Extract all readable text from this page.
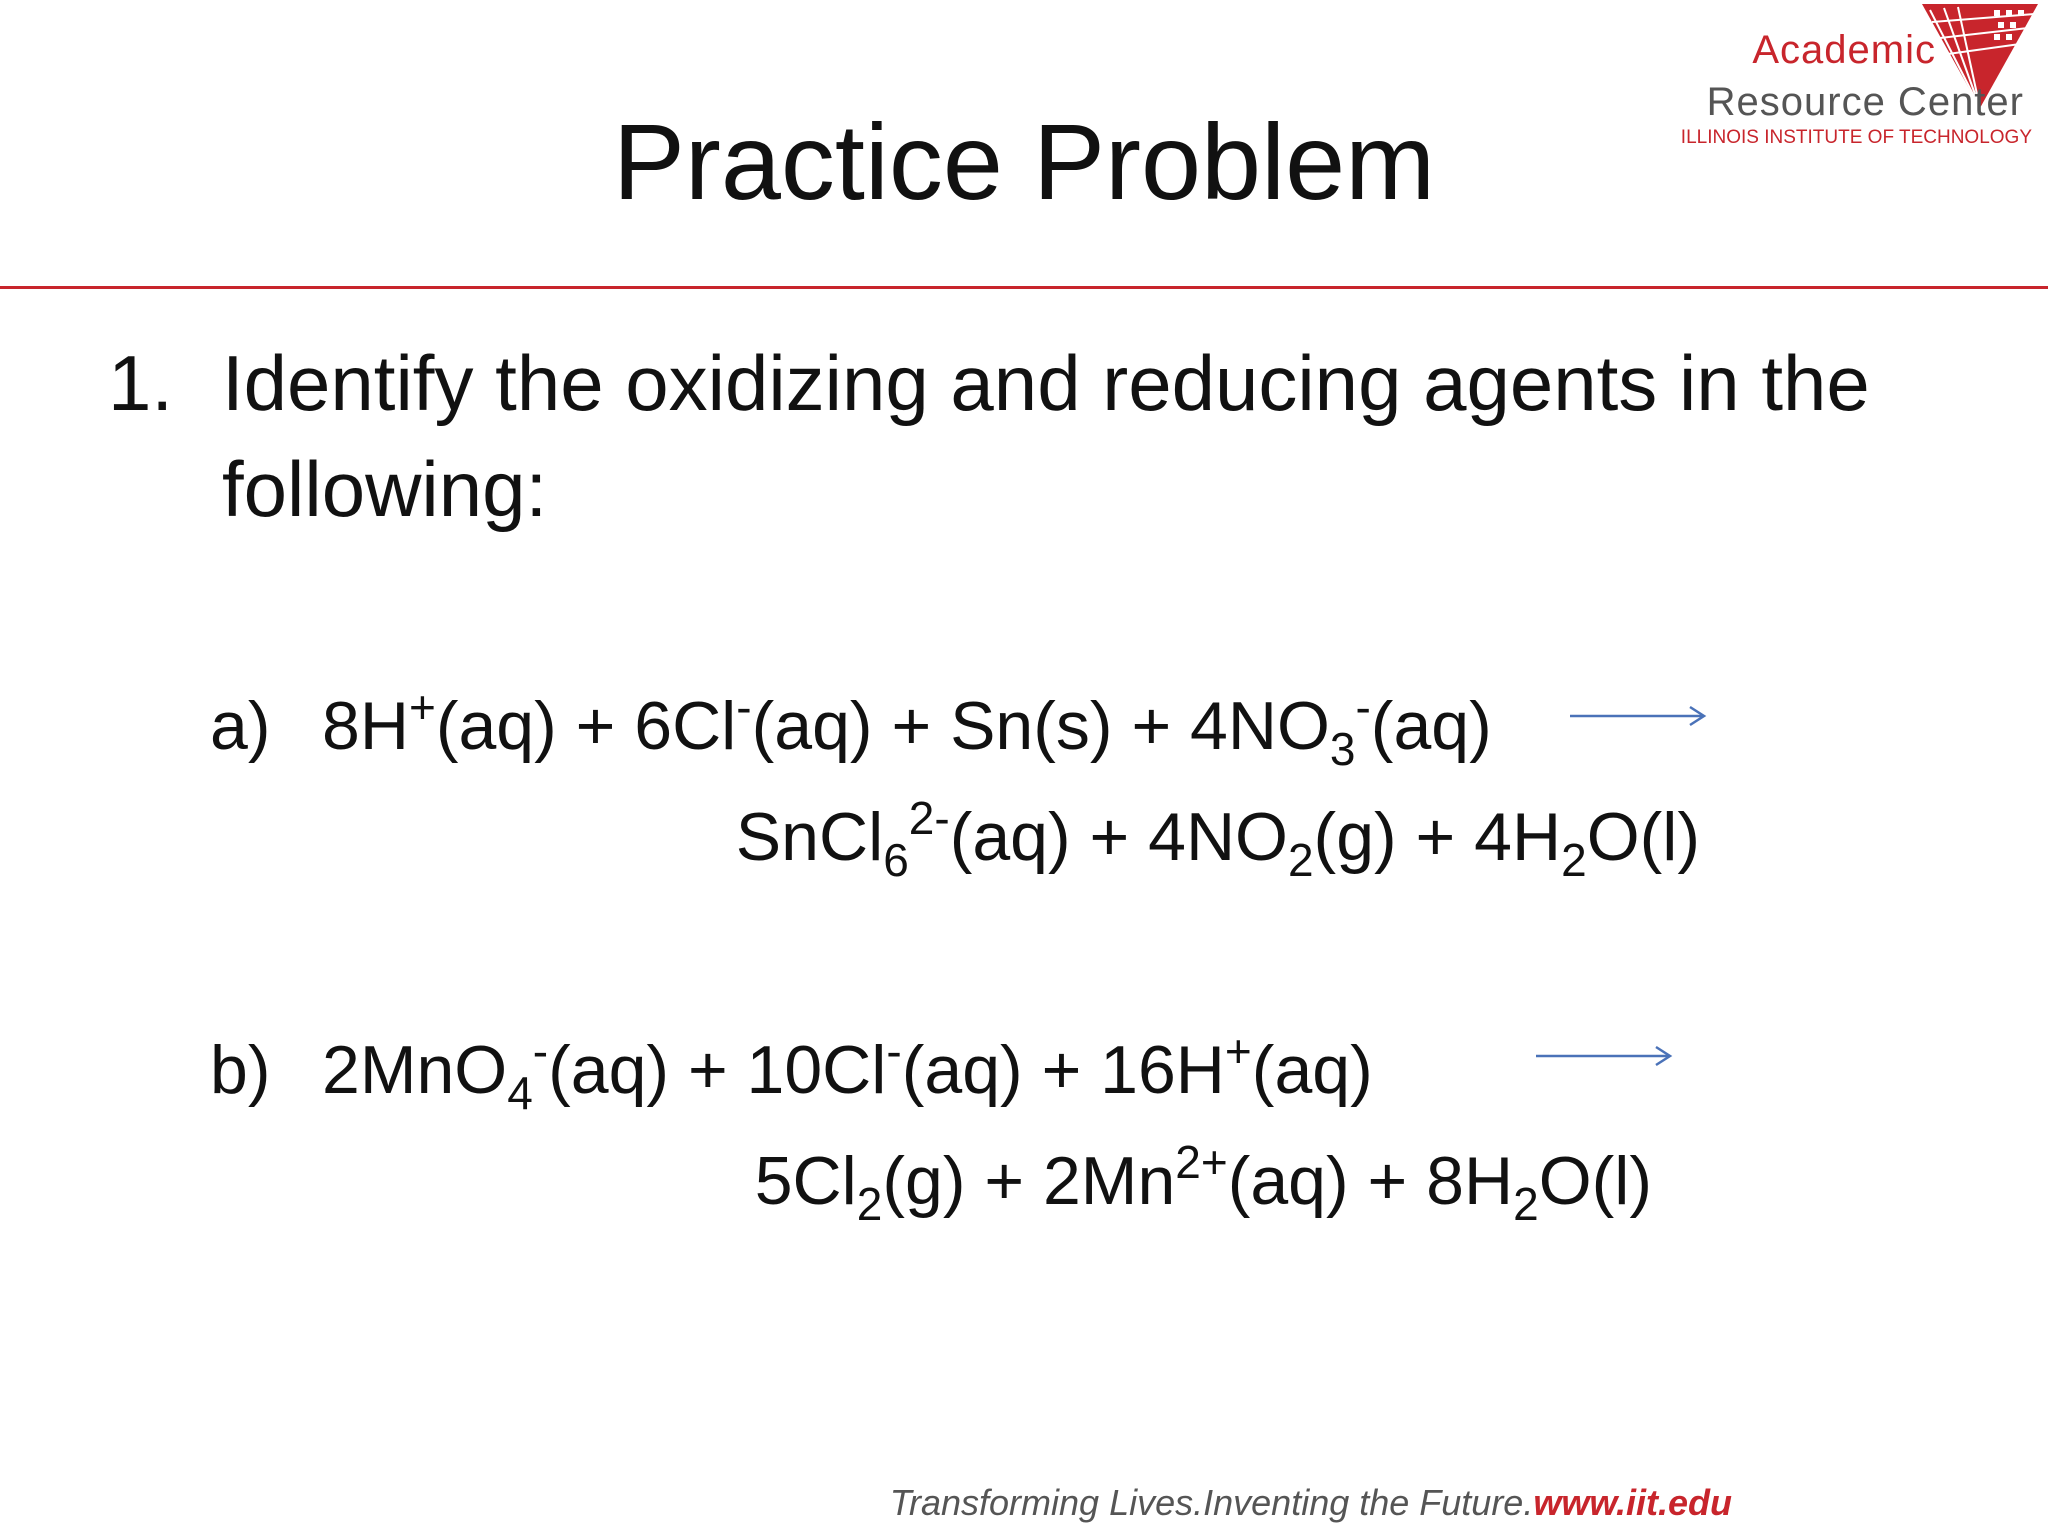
Academic
Resource Center
ILLINOIS INSTITUTE OF TECHNOLOGY
Practice Problem
1. Identify the oxidizing and reducing agents in the following:
a) $8H^+(aq) + 6Cl^-(aq) + Sn(s) + 4NO_3^-(aq)$
SnCl$_6^{2-}$(aq) + $4NO_2(g) + 4H_2O(l)$
b) 2MnO$_4$-(aq) + 10Cl-(aq) + 16H+(aq)
$5Cl_2(g) + 2Mn^{2+}(aq) + 8H_2O(l)$
Transforming Lives.Inventing the Future.www.iit.edu
